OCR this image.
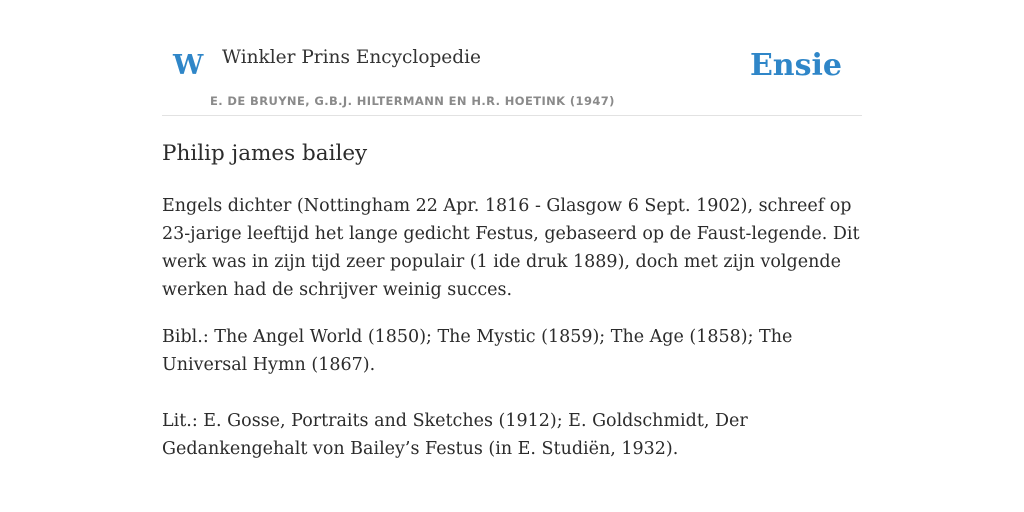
W Winkler Prins Encyclopedie
E. DE BRUYNE, G.B.J. HILTERMANN EN H.R. HOETINK (1947)
Ensie
Philip james bailey

Engels dichter (Nottingham 22 Apr. 1816 - Glasgow 6 Sept. 1902), schreef op 23-jarige leeftijd het lange gedicht Festus, gebaseerd op de Faust-legende. Dit werk was in zijn tijd zeer populair (1 ide druk 1889), doch met zijn volgende werken had de schrijver weinig succes.

Bibl.: The Angel World (1850); The Mystic (1859); The Age (1858); The Universal Hymn (1867).

Lit.: E. Gosse, Portraits and Sketches (1912); E. Goldschmidt, Der Gedankengehalt von Bailey’s Festus (in E. Studiën, 1932).
